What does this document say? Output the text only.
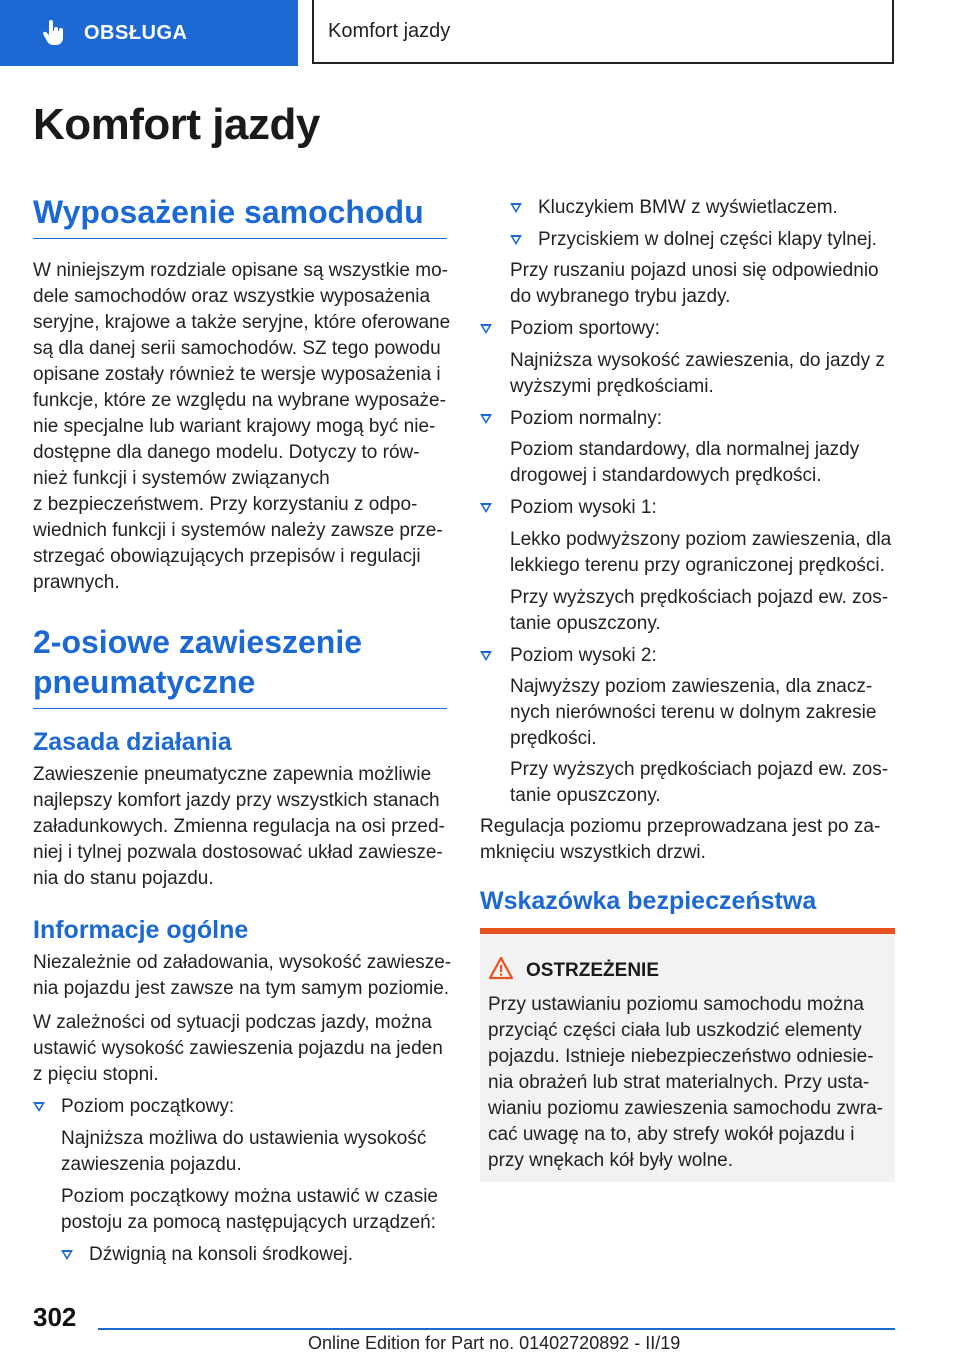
OBSŁUGA	Komfort jazdy
Komfort jazdy
Wyposażenie samochodu

W niniejszym rozdziale opisane są wszystkie mo‐

dele samochodów oraz wszystkie wyposażenia

seryjne, krajowe a także seryjne, które oferowane

są dla danej serii samochodów. SZ tego powodu

opisane zostały również te wersje wyposażenia i

funkcje, które ze względu na wybrane wyposaże‐

nie specjalne lub wariant krajowy mogą być nie‐

dostępne dla danego modelu. Dotyczy to rów‐

nież funkcji i systemów związanych

z bezpieczeństwem. Przy korzystaniu z odpo‐

wiednich funkcji i systemów należy zawsze prze‐

strzegać obowiązujących przepisów i regulacji

prawnych.

2-osiowe zawieszenie
pneumatyczne
Zasada działania

Zawieszenie pneumatyczne zapewnia możliwie

najlepszy komfort jazdy przy wszystkich stanach

załadunkowych. Zmienna regulacja na osi przed‐

niej i tylnej pozwala dostosować układ zawiesze‐

nia do stanu pojazdu.

Informacje ogólne

Niezależnie od załadowania, wysokość zawiesze‐

nia pojazdu jest zawsze na tym samym poziomie.

W zależności od sytuacji podczas jazdy, można

ustawić wysokość zawieszenia pojazdu na jeden

z pięciu stopni.

Poziom początkowy:

Najniższa możliwa do ustawienia wysokość

zawieszenia pojazdu.

Poziom początkowy można ustawić w czasie

postoju za pomocą następujących urządzeń:

Dźwignią na konsoli środkowej.
Kluczykiem BMW z wyświetlaczem.
Przyciskiem w dolnej części klapy tylnej.

Przy ruszaniu pojazd unosi się odpowiednio

do wybranego trybu jazdy.

Poziom sportowy:

Najniższa wysokość zawieszenia, do jazdy z

wyższymi prędkościami.

Poziom normalny:

Poziom standardowy, dla normalnej jazdy

drogowej i standardowych prędkości.

Poziom wysoki 1:

Lekko podwyższony poziom zawieszenia, dla

lekkiego terenu przy ograniczonej prędkości.

Przy wyższych prędkościach pojazd ew. zos‐

tanie opuszczony.

Poziom wysoki 2:

Najwyższy poziom zawieszenia, dla znacz‐

nych nierówności terenu w dolnym zakresie

prędkości.

Przy wyższych prędkościach pojazd ew. zos‐

tanie opuszczony.

Regulacja poziomu przeprowadzana jest po za‐

mknięciu wszystkich drzwi.

Wskazówka bezpieczeństwa
OSTRZEŻENIE
Przy ustawianiu poziomu samochodu można
przyciąć części ciała lub uszkodzić elementy
pojazdu. Istnieje niebezpieczeństwo odniesie‐
nia obrażeń lub strat materialnych. Przy usta‐
wianiu poziomu zawieszenia samochodu zwra‐
cać uwagę na to, aby strefy wokół pojazdu i
przy wnękach kół były wolne.
302
Online Edition for Part no. 01402720892 - II/19
